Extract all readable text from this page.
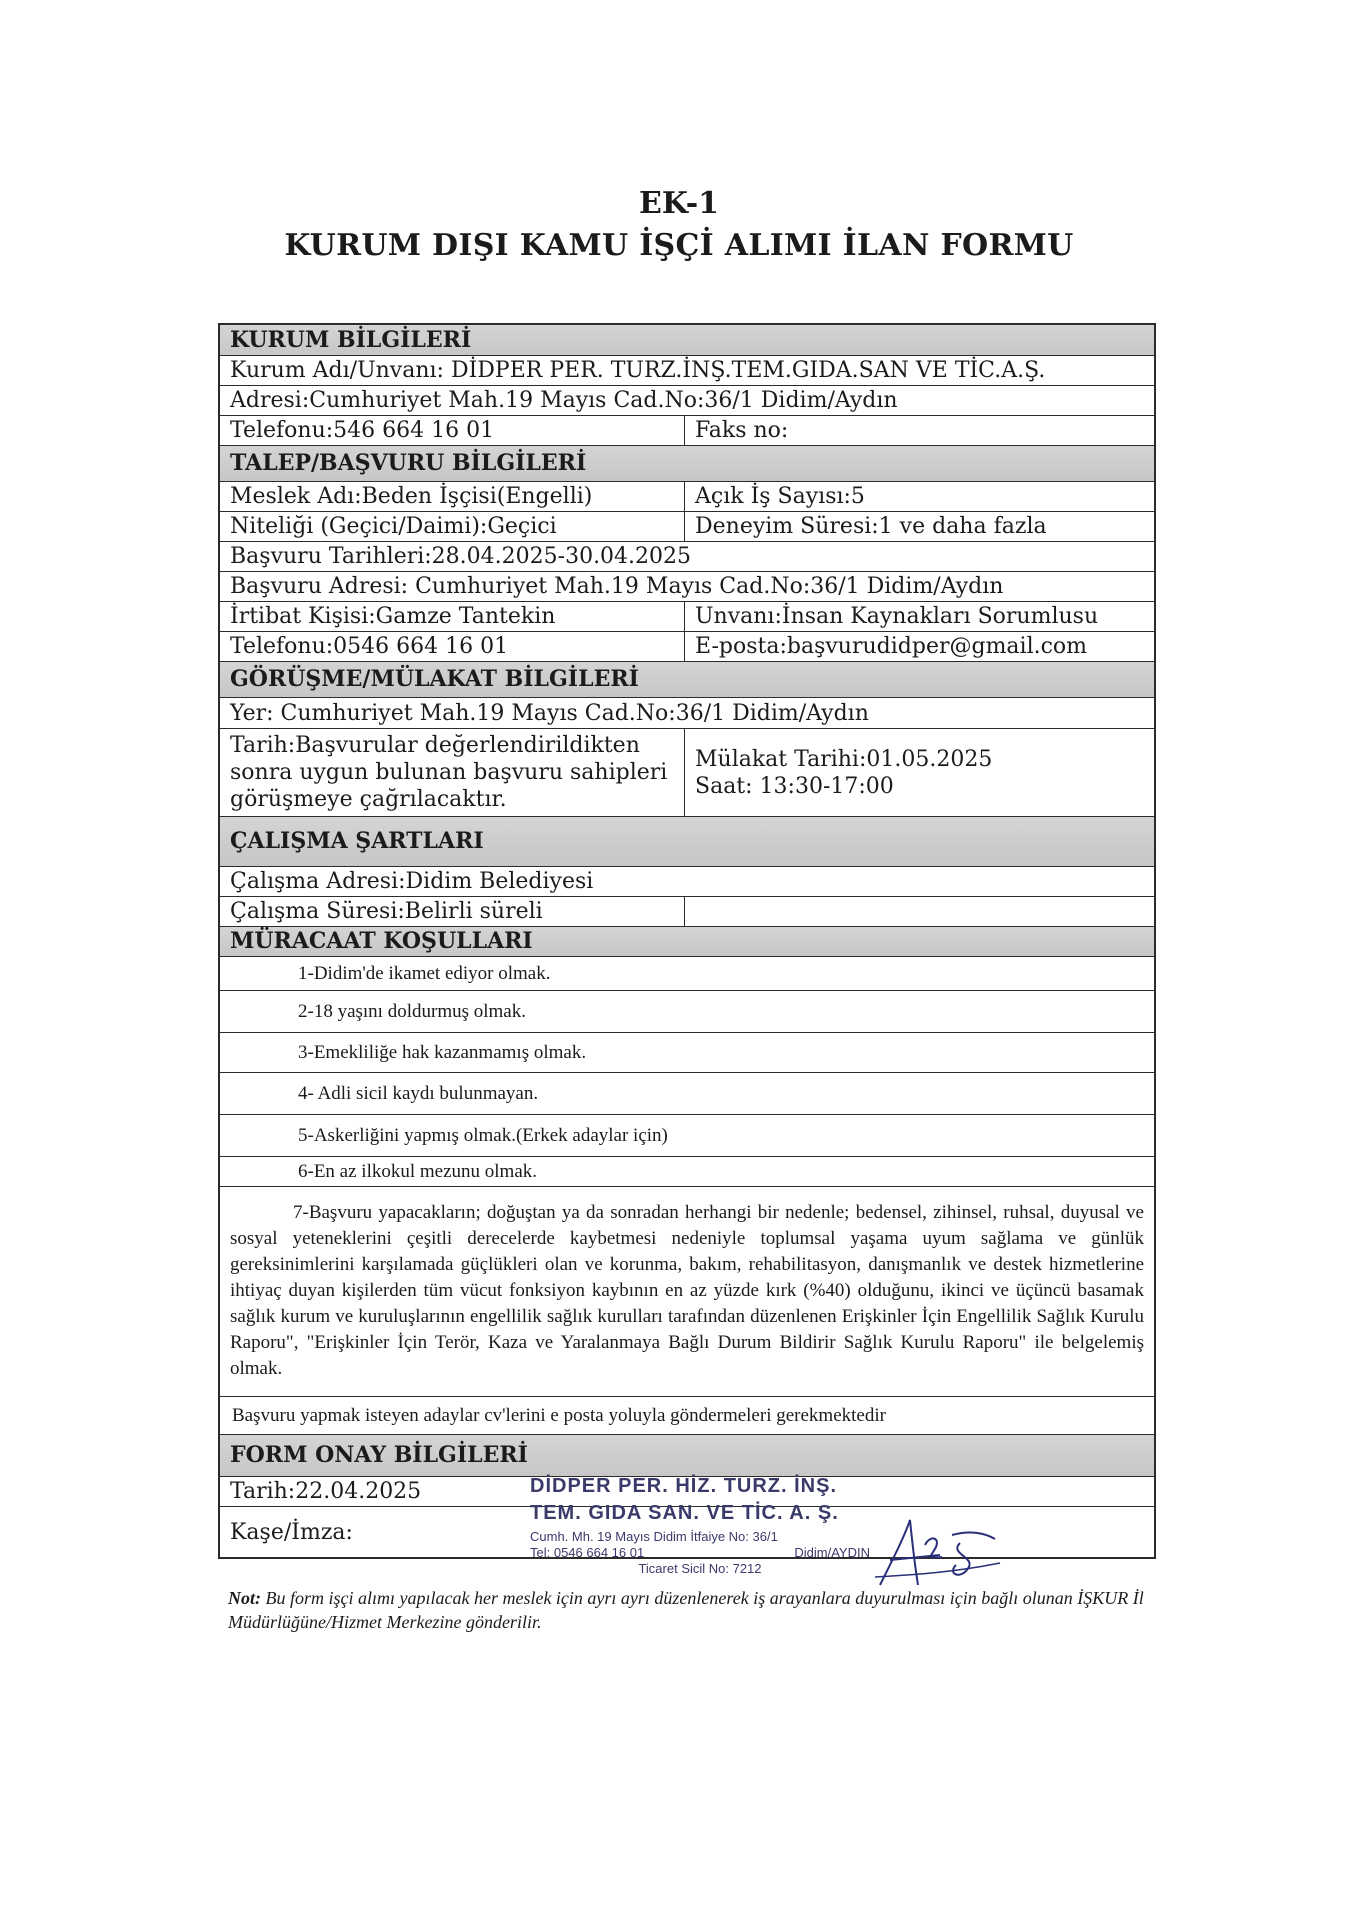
EK-1
KURUM DIŞI KAMU İŞÇİ ALIMI İLAN FORMU
KURUM BİLGİLERİ
Kurum Adı/Unvanı: DİDPER PER. TURZ.İNŞ.TEM.GIDA.SAN VE TİC.A.Ş.
Adresi:Cumhuriyet Mah.19 Mayıs Cad.No:36/1 Didim/Aydın
Telefonu:546 664 16 01	Faks no:
TALEP/BAŞVURU BİLGİLERİ
Meslek Adı:Beden İşçisi(Engelli)	Açık İş Sayısı:5
Niteliği (Geçici/Daimi):Geçici	Deneyim Süresi:1 ve daha fazla
Başvuru Tarihleri:28.04.2025-30.04.2025
Başvuru Adresi: Cumhuriyet Mah.19 Mayıs Cad.No:36/1 Didim/Aydın
İrtibat Kişisi:Gamze Tantekin	Unvanı:İnsan Kaynakları Sorumlusu
Telefonu:0546 664 16 01	E-posta:başvurudidper@gmail.com
GÖRÜŞME/MÜLAKAT BİLGİLERİ
Yer: Cumhuriyet Mah.19 Mayıs Cad.No:36/1 Didim/Aydın
Tarih:Başvurular değerlendirildikten sonra uygun bulunan başvuru sahipleri görüşmeye çağrılacaktır.
Mülakat Tarihi:01.05.2025
Saat: 13:30-17:00
ÇALIŞMA ŞARTLARI
Çalışma Adresi:Didim Belediyesi
Çalışma Süresi:Belirli süreli
MÜRACAAT KOŞULLARI
1-Didim'de ikamet ediyor olmak.
2-18 yaşını doldurmuş olmak.
3-Emekliliğe hak kazanmamış olmak.
4- Adli sicil kaydı bulunmayan.
5-Askerliğini yapmış olmak.(Erkek adaylar için)
6-En az ilkokul mezunu olmak.
7-Başvuru yapacakların; doğuştan ya da sonradan herhangi bir nedenle; bedensel, zihinsel, ruhsal, duyusal ve sosyal yeteneklerini çeşitli derecelerde kaybetmesi nedeniyle toplumsal yaşama uyum sağlama ve günlük gereksinimlerini karşılamada güçlükleri olan ve korunma, bakım, rehabilitasyon, danışmanlık ve destek hizmetlerine ihtiyaç duyan kişilerden tüm vücut fonksiyon kaybının en az yüzde kırk (%40) olduğunu, ikinci ve üçüncü basamak sağlık kurum ve kuruluşlarının engellilik sağlık kurulları tarafından düzenlenen Erişkinler İçin Engellilik Sağlık Kurulu Raporu", "Erişkinler İçin Terör, Kaza ve Yaralanmaya Bağlı Durum Bildirir Sağlık Kurulu Raporu" ile belgelemiş olmak.
Başvuru yapmak isteyen adaylar cv'lerini e posta yoluyla göndermeleri gerekmektedir
FORM ONAY BİLGİLERİ
Tarih:22.04.2025
Kaşe/İmza:
DİDPER PER. HİZ. TURZ. İNŞ.
TEM. GIDA SAN. VE TİC. A. Ş.
Cumh. Mh. 19 Mayıs Didim İtfaiye No: 36/1
Tel: 0546 664 16 01	Didim/AYDIN
Ticaret Sicil No: 7212
Not: Bu form işçi alımı yapılacak her meslek için ayrı ayrı düzenlenerek iş arayanlara duyurulması için bağlı olunan İŞKUR İl Müdürlüğüne/Hizmet Merkezine gönderilir.
